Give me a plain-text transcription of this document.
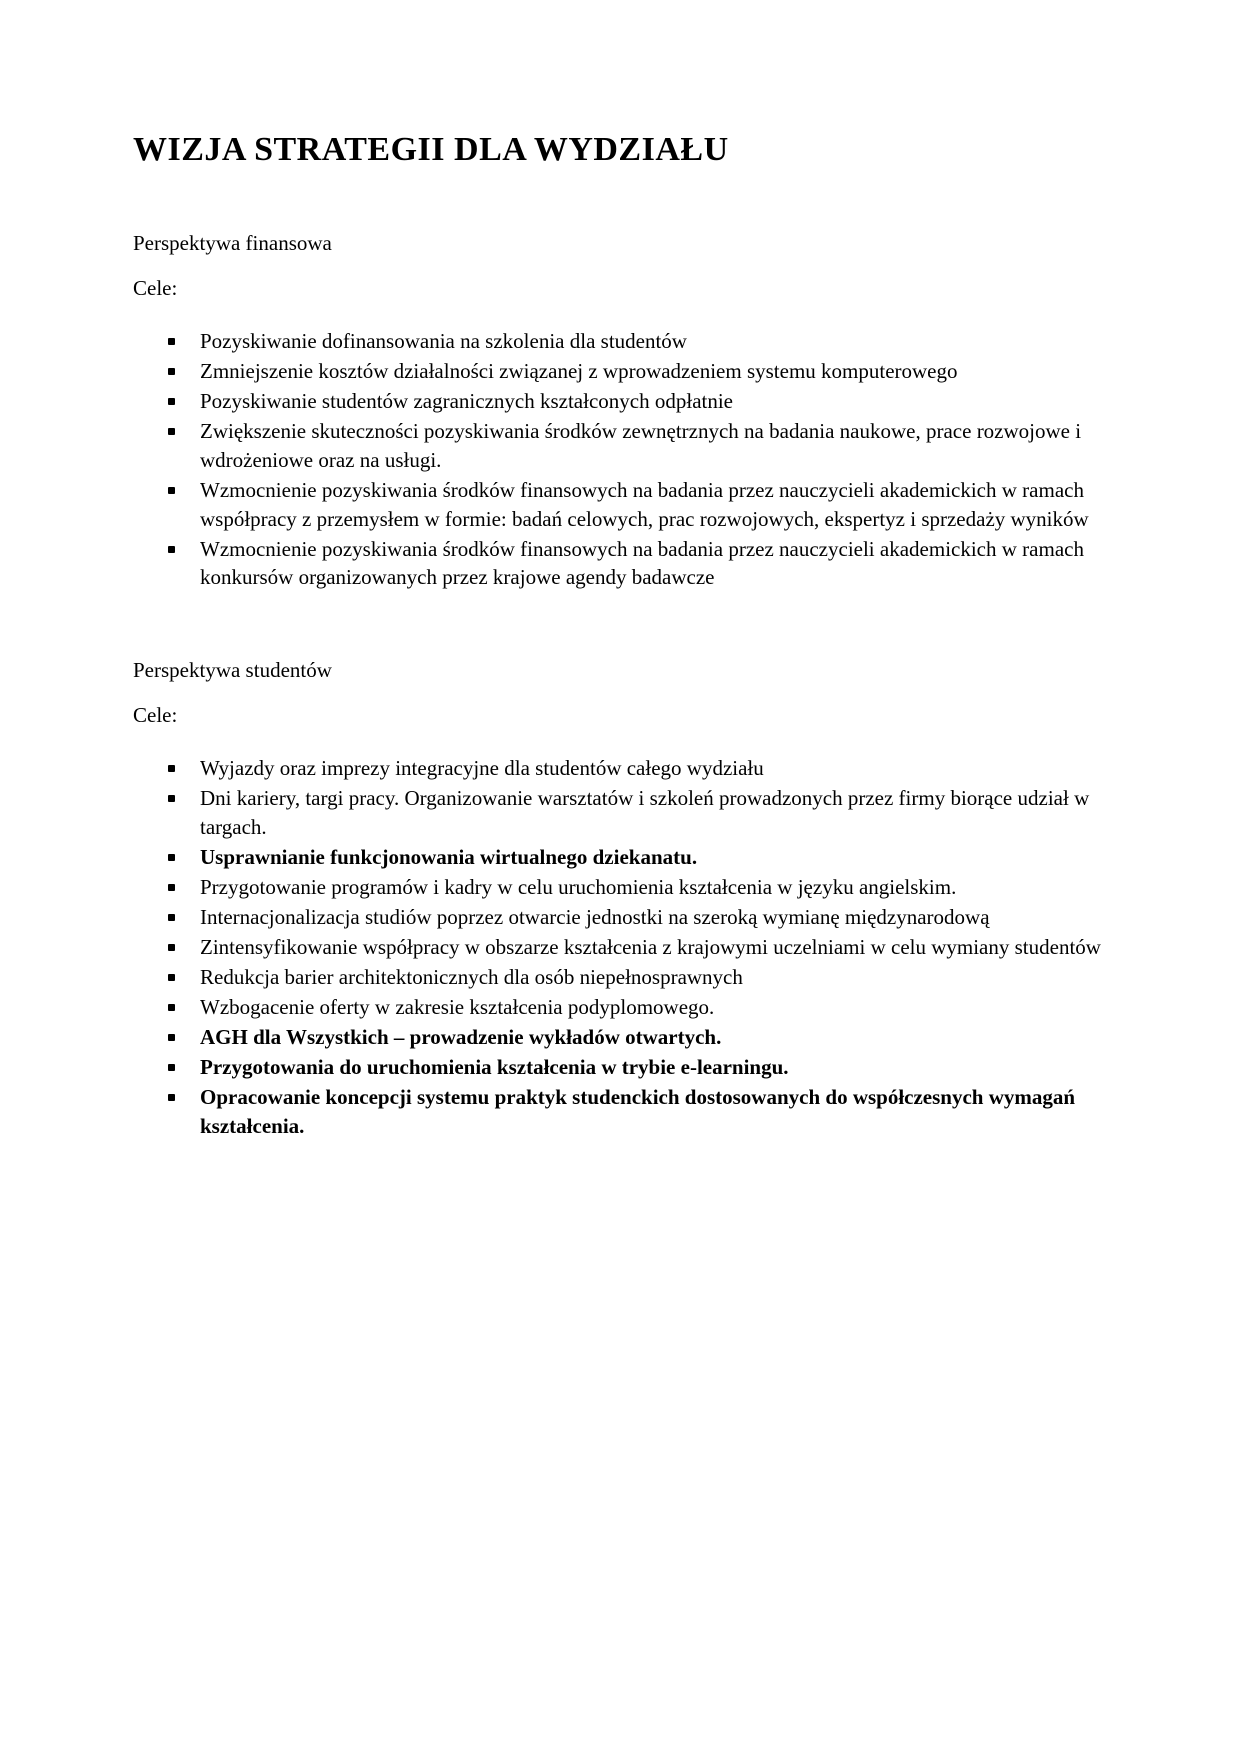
WIZJA STRATEGII DLA WYDZIAŁU

Perspektywa finansowa

Cele:

Pozyskiwanie dofinansowania na szkolenia dla studentów
Zmniejszenie kosztów działalności związanej z wprowadzeniem systemu komputerowego
Pozyskiwanie studentów zagranicznych kształconych odpłatnie
Zwiększenie skuteczności pozyskiwania środków zewnętrznych na badania naukowe, prace rozwojowe i wdrożeniowe oraz na usługi.
Wzmocnienie pozyskiwania środków finansowych na badania przez nauczycieli akademickich w ramach współpracy z przemysłem w formie: badań celowych, prac rozwojowych, ekspertyz i sprzedaży wyników
Wzmocnienie pozyskiwania środków finansowych na badania przez nauczycieli akademickich w ramach konkursów organizowanych przez krajowe agendy badawcze

Perspektywa studentów

Cele:

Wyjazdy oraz imprezy integracyjne dla studentów całego wydziału
Dni kariery, targi pracy. Organizowanie warsztatów i szkoleń prowadzonych przez firmy biorące udział w targach.
Usprawnianie funkcjonowania wirtualnego dziekanatu.
Przygotowanie programów i kadry w celu uruchomienia kształcenia w języku angielskim.
Internacjonalizacja studiów poprzez otwarcie jednostki na szeroką wymianę międzynarodową
Zintensyfikowanie współpracy w obszarze kształcenia z krajowymi uczelniami w celu wymiany studentów
Redukcja barier architektonicznych dla osób niepełnosprawnych
Wzbogacenie oferty w zakresie kształcenia podyplomowego.
AGH dla Wszystkich – prowadzenie wykładów otwartych.
Przygotowania do uruchomienia kształcenia w trybie e-learningu.
Opracowanie koncepcji systemu praktyk studenckich dostosowanych do współczesnych wymagań kształcenia.
